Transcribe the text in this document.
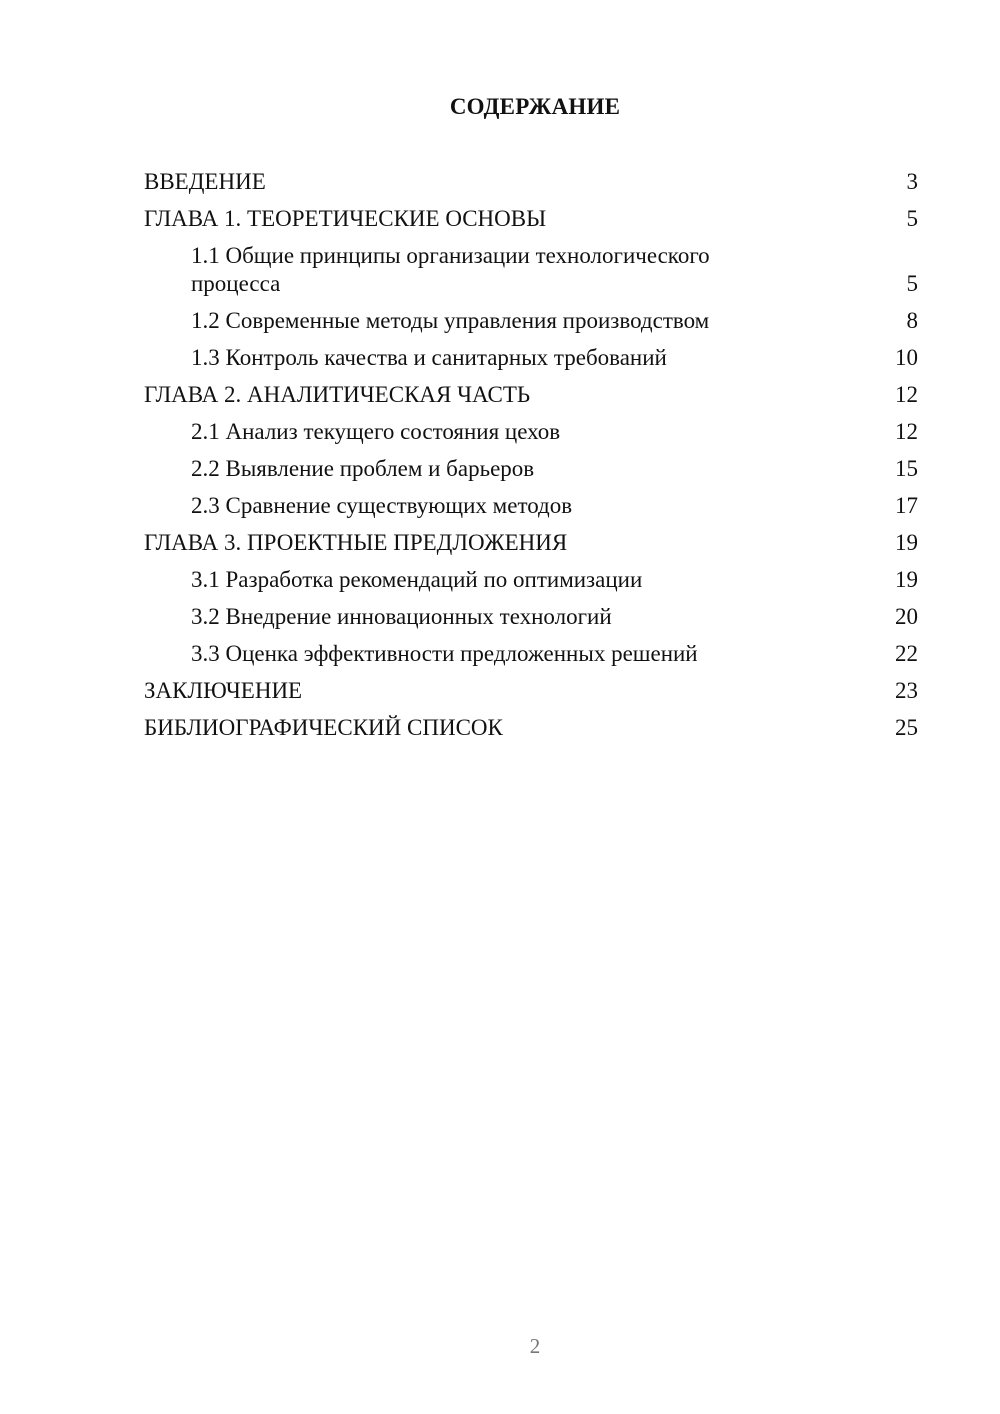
СОДЕРЖАНИЕ
ВВЕДЕНИЕ	3
ГЛАВА 1. ТЕОРЕТИЧЕСКИЕ ОСНОВЫ	5
1.1 Общие принципы организации технологического процесса	5
1.2 Современные методы управления производством	8
1.3 Контроль качества и санитарных требований	10
ГЛАВА 2. АНАЛИТИЧЕСКАЯ ЧАСТЬ	12
2.1 Анализ текущего состояния цехов	12
2.2 Выявление проблем и барьеров	15
2.3 Сравнение существующих методов	17
ГЛАВА 3. ПРОЕКТНЫЕ ПРЕДЛОЖЕНИЯ	19
3.1 Разработка рекомендаций по оптимизации	19
3.2 Внедрение инновационных технологий	20
3.3 Оценка эффективности предложенных решений	22
ЗАКЛЮЧЕНИЕ	23
БИБЛИОГРАФИЧЕСКИЙ СПИСОК	25
2
